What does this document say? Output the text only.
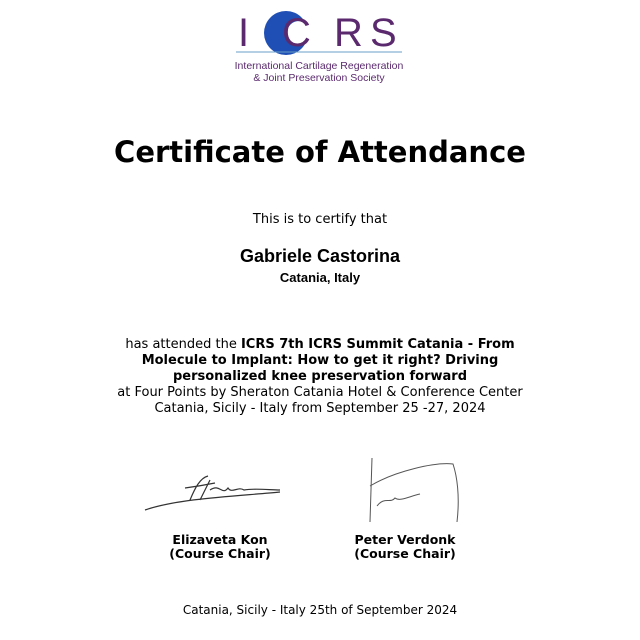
I C R S
International Cartilage Regeneration
& Joint Preservation Society
Certificate of Attendance
This is to certify that
Gabriele Castorina
Catania, Italy
has attended the ICRS 7th ICRS Summit Catania - From
Molecule to Implant: How to get it right? Driving
personalized knee preservation forward
at Four Points by Sheraton Catania Hotel & Conference Center
Catania, Sicily - Italy from September 25 -27, 2024
Elizaveta Kon
(Course Chair)
Peter Verdonk
(Course Chair)
Catania, Sicily - Italy 25th of September 2024
